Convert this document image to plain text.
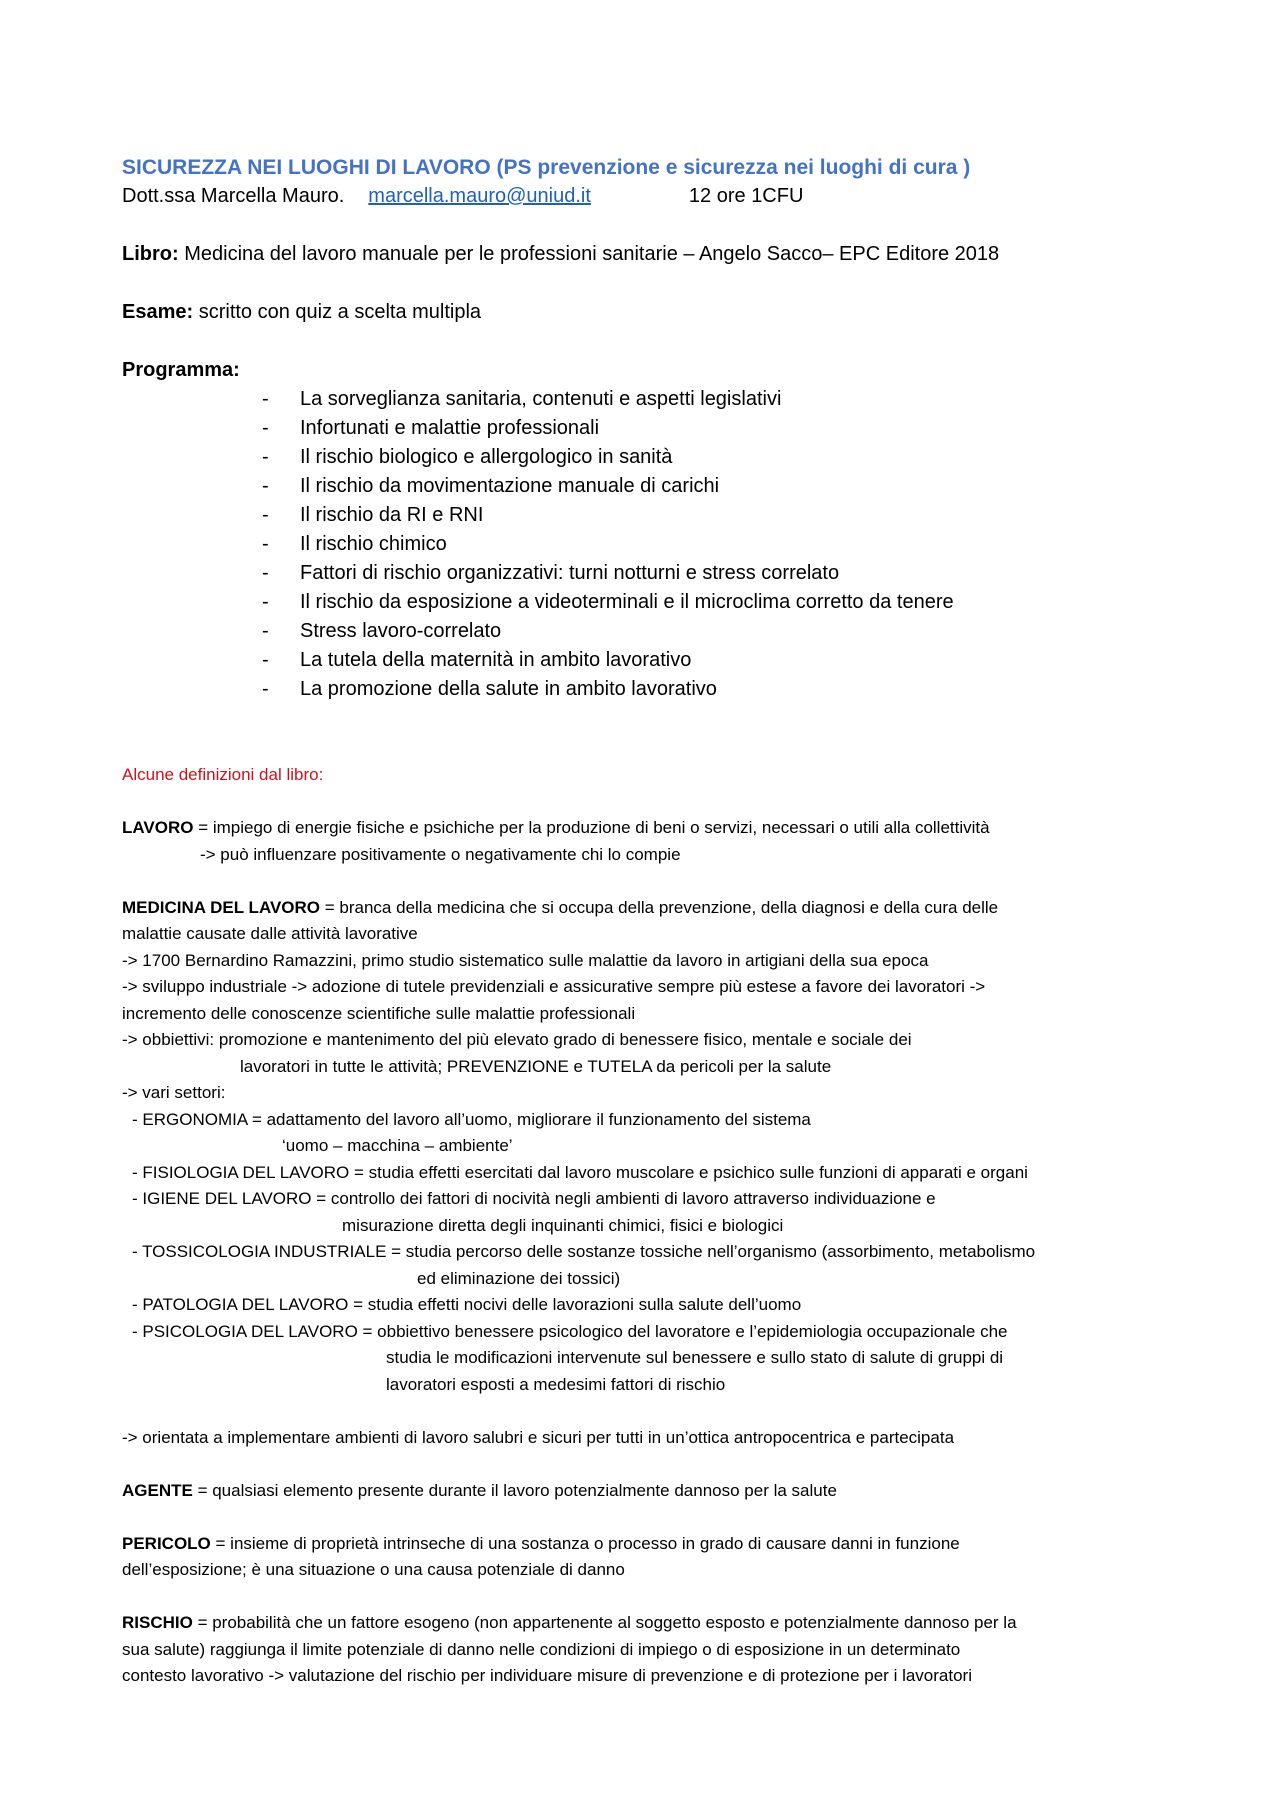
SICUREZZA NEI LUOGHI DI LAVORO (PS prevenzione e sicurezza nei luoghi di cura )
Dott.ssa Marcella Mauro. marcella.mauro@uniud.it	12 ore 1CFU
Libro: Medicina del lavoro manuale per le professioni sanitarie – Angelo Sacco– EPC Editore 2018
Esame: scritto con quiz a scelta multipla
Programma:
- La sorveglianza sanitaria, contenuti e aspetti legislativi
- Infortunati e malattie professionali
- Il rischio biologico e allergologico in sanità
- Il rischio da movimentazione manuale di carichi
- Il rischio da RI e RNI
- Il rischio chimico
- Fattori di rischio organizzativi: turni notturni e stress correlato
- Il rischio da esposizione a videoterminali e il microclima corretto da tenere
- Stress lavoro-correlato
- La tutela della maternità in ambito lavorativo
- La promozione della salute in ambito lavorativo
Alcune definizioni dal libro:
LAVORO = impiego di energie fisiche e psichiche per la produzione di beni o servizi, necessari o utili alla collettività
-> può influenzare positivamente o negativamente chi lo compie
MEDICINA DEL LAVORO = branca della medicina che si occupa della prevenzione, della diagnosi e della cura delle
malattie causate dalle attività lavorative
-> 1700 Bernardino Ramazzini, primo studio sistematico sulle malattie da lavoro in artigiani della sua epoca
-> sviluppo industriale -> adozione di tutele previdenziali e assicurative sempre più estese a favore dei lavoratori ->
incremento delle conoscenze scientifiche sulle malattie professionali
-> obbiettivi: promozione e mantenimento del più elevato grado di benessere fisico, mentale e sociale dei
lavoratori in tutte le attività; PREVENZIONE e TUTELA da pericoli per la salute
-> vari settori:
- ERGONOMIA = adattamento del lavoro all’uomo, migliorare il funzionamento del sistema
‘uomo – macchina – ambiente’
- FISIOLOGIA DEL LAVORO = studia effetti esercitati dal lavoro muscolare e psichico sulle funzioni di apparati e organi
- IGIENE DEL LAVORO = controllo dei fattori di nocività negli ambienti di lavoro attraverso individuazione e
misurazione diretta degli inquinanti chimici, fisici e biologici
- TOSSICOLOGIA INDUSTRIALE = studia percorso delle sostanze tossiche nell’organismo (assorbimento, metabolismo
ed eliminazione dei tossici)
- PATOLOGIA DEL LAVORO = studia effetti nocivi delle lavorazioni sulla salute dell’uomo
- PSICOLOGIA DEL LAVORO = obbiettivo benessere psicologico del lavoratore e l’epidemiologia occupazionale che
studia le modificazioni intervenute sul benessere e sullo stato di salute di gruppi di
lavoratori esposti a medesimi fattori di rischio
-> orientata a implementare ambienti di lavoro salubri e sicuri per tutti in un’ottica antropocentrica e partecipata
AGENTE = qualsiasi elemento presente durante il lavoro potenzialmente dannoso per la salute
PERICOLO = insieme di proprietà intrinseche di una sostanza o processo in grado di causare danni in funzione
dell’esposizione; è una situazione o una causa potenziale di danno
RISCHIO = probabilità che un fattore esogeno (non appartenente al soggetto esposto e potenzialmente dannoso per la
sua salute) raggiunga il limite potenziale di danno nelle condizioni di impiego o di esposizione in un determinato
contesto lavorativo -> valutazione del rischio per individuare misure di prevenzione e di protezione per i lavoratori
